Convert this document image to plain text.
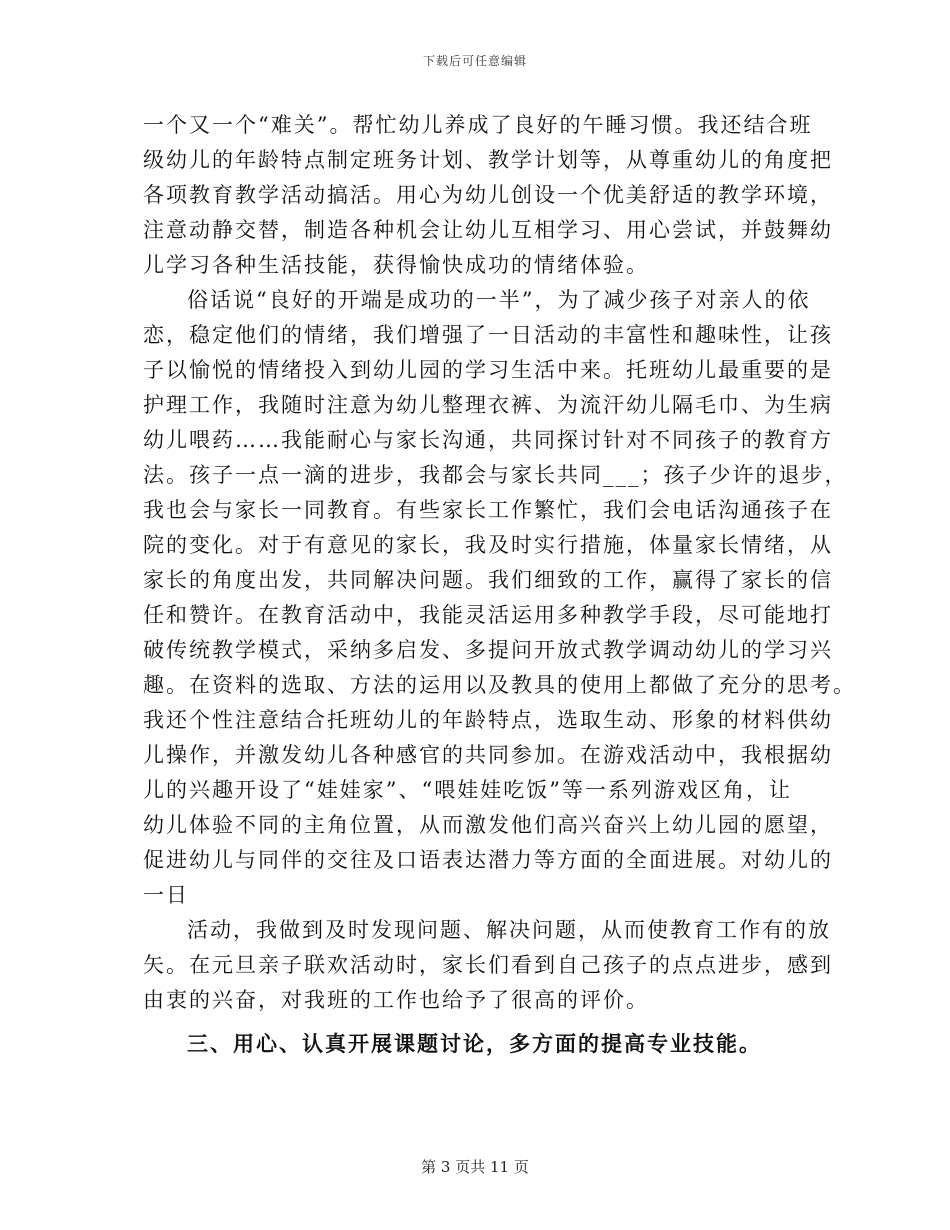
下载后可任意编辑
一个又一个“难关”。帮忙幼儿养成了良好的午睡习惯。我还结合班
级幼儿的年龄特点制定班务计划、教学计划等，从尊重幼儿的角度把
各项教育教学活动搞活。用心为幼儿创设一个优美舒适的教学环境，
注意动静交替，制造各种机会让幼儿互相学习、用心尝试，并鼓舞幼
儿学习各种生活技能，获得愉快成功的情绪体验。
俗话说“良好的开端是成功的一半”，为了减少孩子对亲人的依
恋，稳定他们的情绪，我们增强了一日活动的丰富性和趣味性，让孩
子以愉悦的情绪投入到幼儿园的学习生活中来。托班幼儿最重要的是
护理工作，我随时注意为幼儿整理衣裤、为流汗幼儿隔毛巾、为生病
幼儿喂药……我能耐心与家长沟通，共同探讨针对不同孩子的教育方
法。孩子一点一滴的进步，我都会与家长共同___；孩子少许的退步，
我也会与家长一同教育。有些家长工作繁忙，我们会电话沟通孩子在
院的变化。对于有意见的家长，我及时实行措施，体量家长情绪，从
家长的角度出发，共同解决问题。我们细致的工作，赢得了家长的信
任和赞许。在教育活动中，我能灵活运用多种教学手段，尽可能地打
破传统教学模式，采纳多启发、多提问开放式教学调动幼儿的学习兴
趣。在资料的选取、方法的运用以及教具的使用上都做了充分的思考。
我还个性注意结合托班幼儿的年龄特点，选取生动、形象的材料供幼
儿操作，并激发幼儿各种感官的共同参加。在游戏活动中，我根据幼
儿的兴趣开设了“娃娃家”、“喂娃娃吃饭”等一系列游戏区角，让
幼儿体验不同的主角位置，从而激发他们高兴奋兴上幼儿园的愿望，
促进幼儿与同伴的交往及口语表达潜力等方面的全面进展。对幼儿的
一日
活动，我做到及时发现问题、解决问题，从而使教育工作有的放
矢。在元旦亲子联欢活动时，家长们看到自己孩子的点点进步，感到
由衷的兴奋，对我班的工作也给予了很高的评价。
三、用心、认真开展课题讨论，多方面的提高专业技能。
第 3 页共 11 页
